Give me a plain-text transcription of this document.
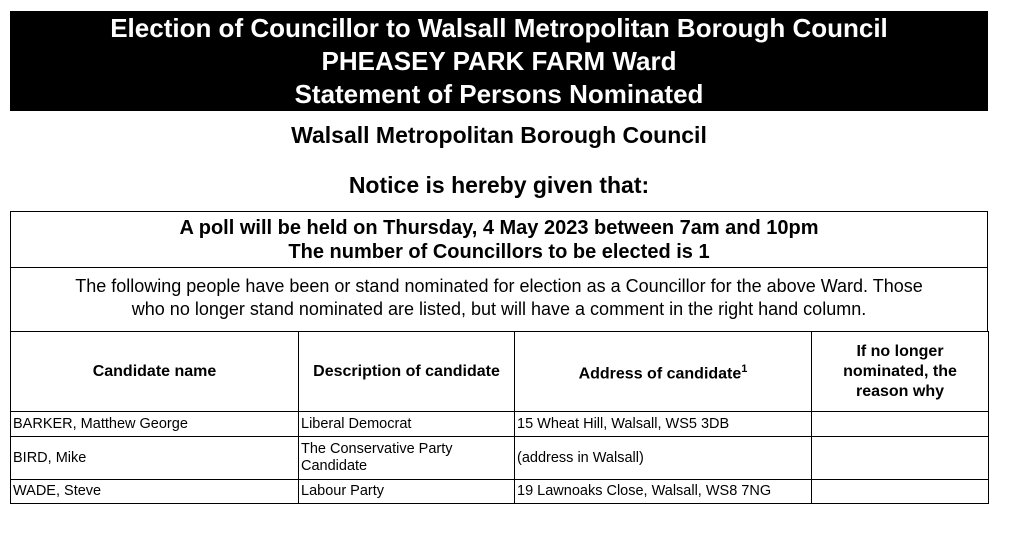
Election of Councillor to Walsall Metropolitan Borough Council
PHEASEY PARK FARM Ward
Statement of Persons Nominated
Walsall Metropolitan Borough Council
Notice is hereby given that:
A poll will be held on Thursday, 4 May 2023 between 7am and 10pm
The number of Councillors to be elected is 1
The following people have been or stand nominated for election as a Councillor for the above Ward. Those
who no longer stand nominated are listed, but will have a comment in the right hand column.
Candidate name	Description of candidate	Address of candidate$^1$	If no longer nominated, the reason why
BARKER, Matthew George	Liberal Democrat	15 Wheat Hill, Walsall, WS5 3DB	
BIRD, Mike	The Conservative Party Candidate	(address in Walsall)	
WADE, Steve	Labour Party	19 Lawnoaks Close, Walsall, WS8 7NG	
